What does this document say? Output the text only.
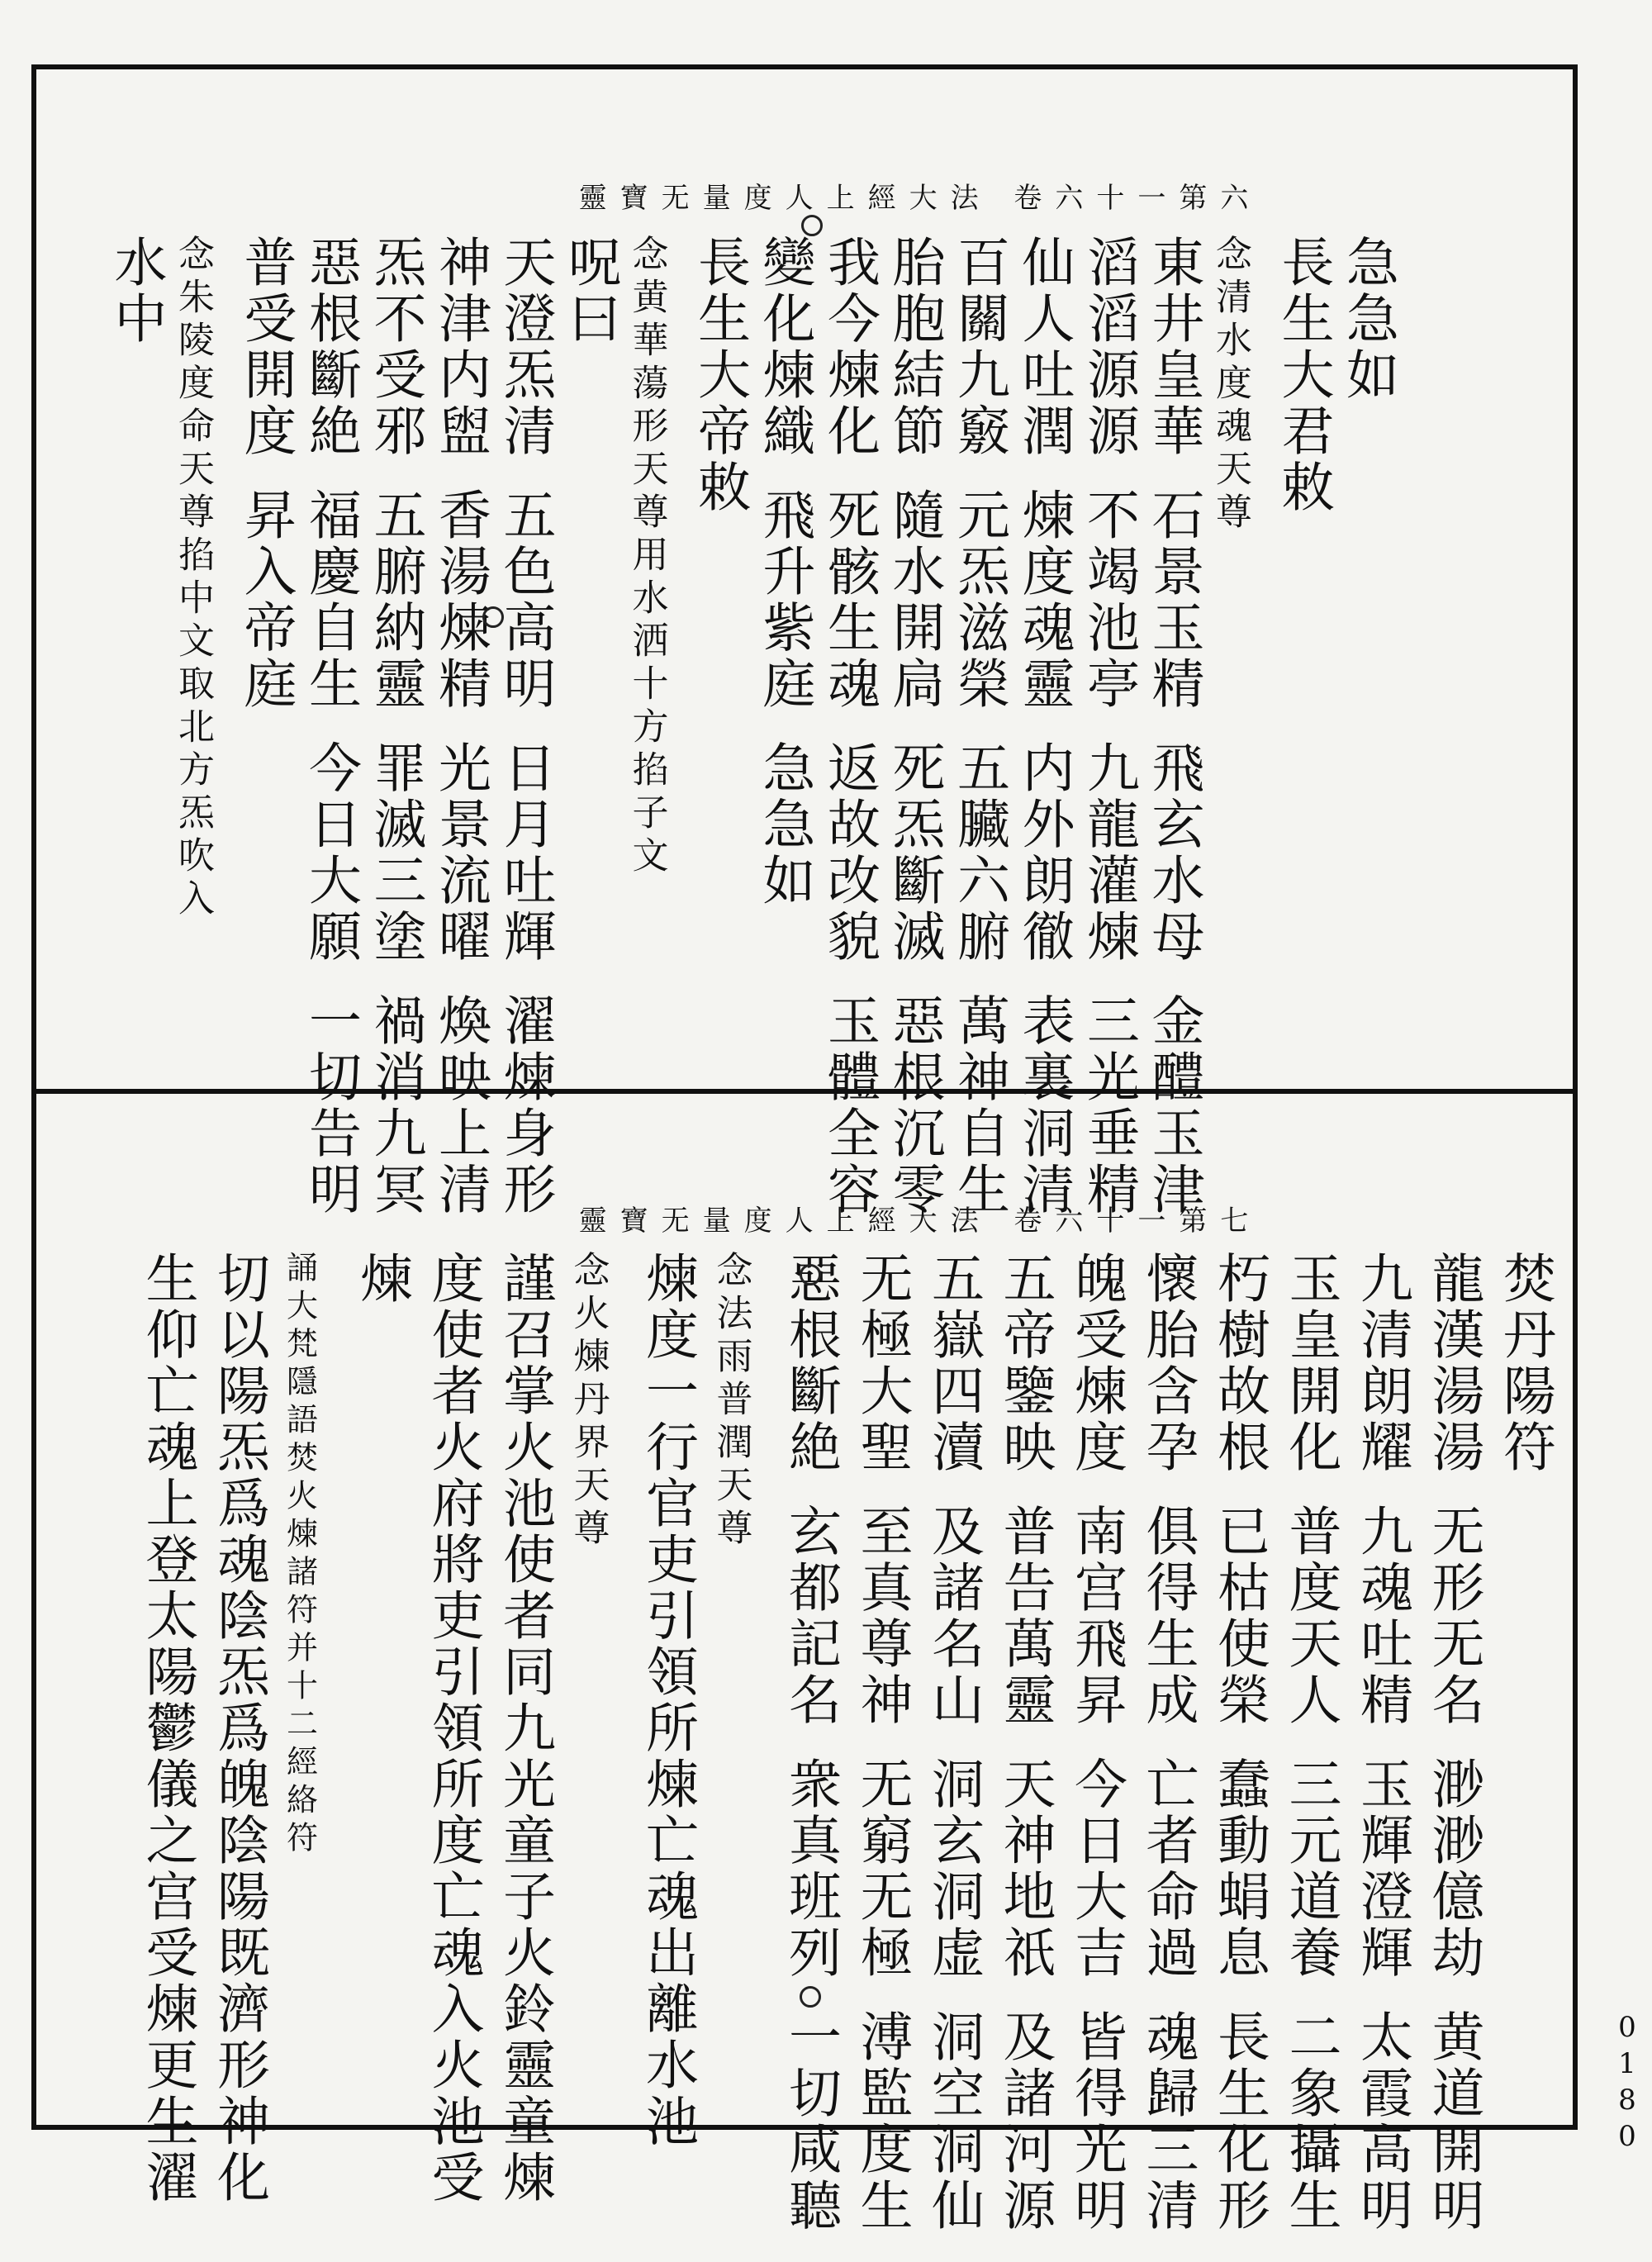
靈寶无量度人上經大法 卷六十一第六
急急如
長生大君敕
念清水度魂天尊
東井皇華石景玉精飛玄水母金醴玉津
滔滔源源不竭池亭九龍灌煉三光垂精
仙人吐潤煉度魂靈内外朗徹表裏洞清
百關九竅元炁滋榮五臟六腑萬神自生
胎胞結節隨水開扃死炁斷滅惡根沉零
我今煉化死骸生魂返故改貌玉體全容
變化煉織飛升紫庭急急如
長生大帝敕
念黄華蕩形天尊用水洒十方掐子文
呪曰
天澄炁清五色高明日月吐輝濯煉身形
神津内盥香湯煉精光景流曜煥映上清
炁不受邪五腑納靈罪滅三塗禍消九冥
惡根斷絶福慶自生今日大願一切告明
普受開度昇入帝庭
念朱陵度命天尊掐中文取北方炁吹入
水中
靈寶无量度人上經大法 卷六十一第七
焚丹陽符
龍漢湯湯无形无名渺渺億劫黄道開明
九清朗耀九魂吐精玉輝澄輝太霞高明
玉皇開化普度天人三元道養二象攝生
朽樹故根已枯使榮蠢動蜎息長生化形
懷胎含孕俱得生成亡者命過魂歸三清
魄受煉度南宫飛昇今日大吉皆得光明
五帝鑒映普告萬靈天神地祇及諸河源
五嶽四瀆及諸名山洞玄洞虚洞空洞仙
无極大聖至真尊神无窮无極溥監度生
惡根斷絶玄都記名衆真班列一切咸聽
念法雨普潤天尊
煉度一行官吏引領所煉亡魂出離水池
念火煉丹界天尊
謹召掌火池使者同九光童子火鈴靈童煉
度使者火府將吏引領所度亡魂入火池受
煉
誦大梵隱語焚火煉諸符并十二經絡符
切以陽炁爲魂陰炁爲魄陰陽既濟形神化
生仰亡魂上登太陽鬱儀之宫受煉更生濯	0180
